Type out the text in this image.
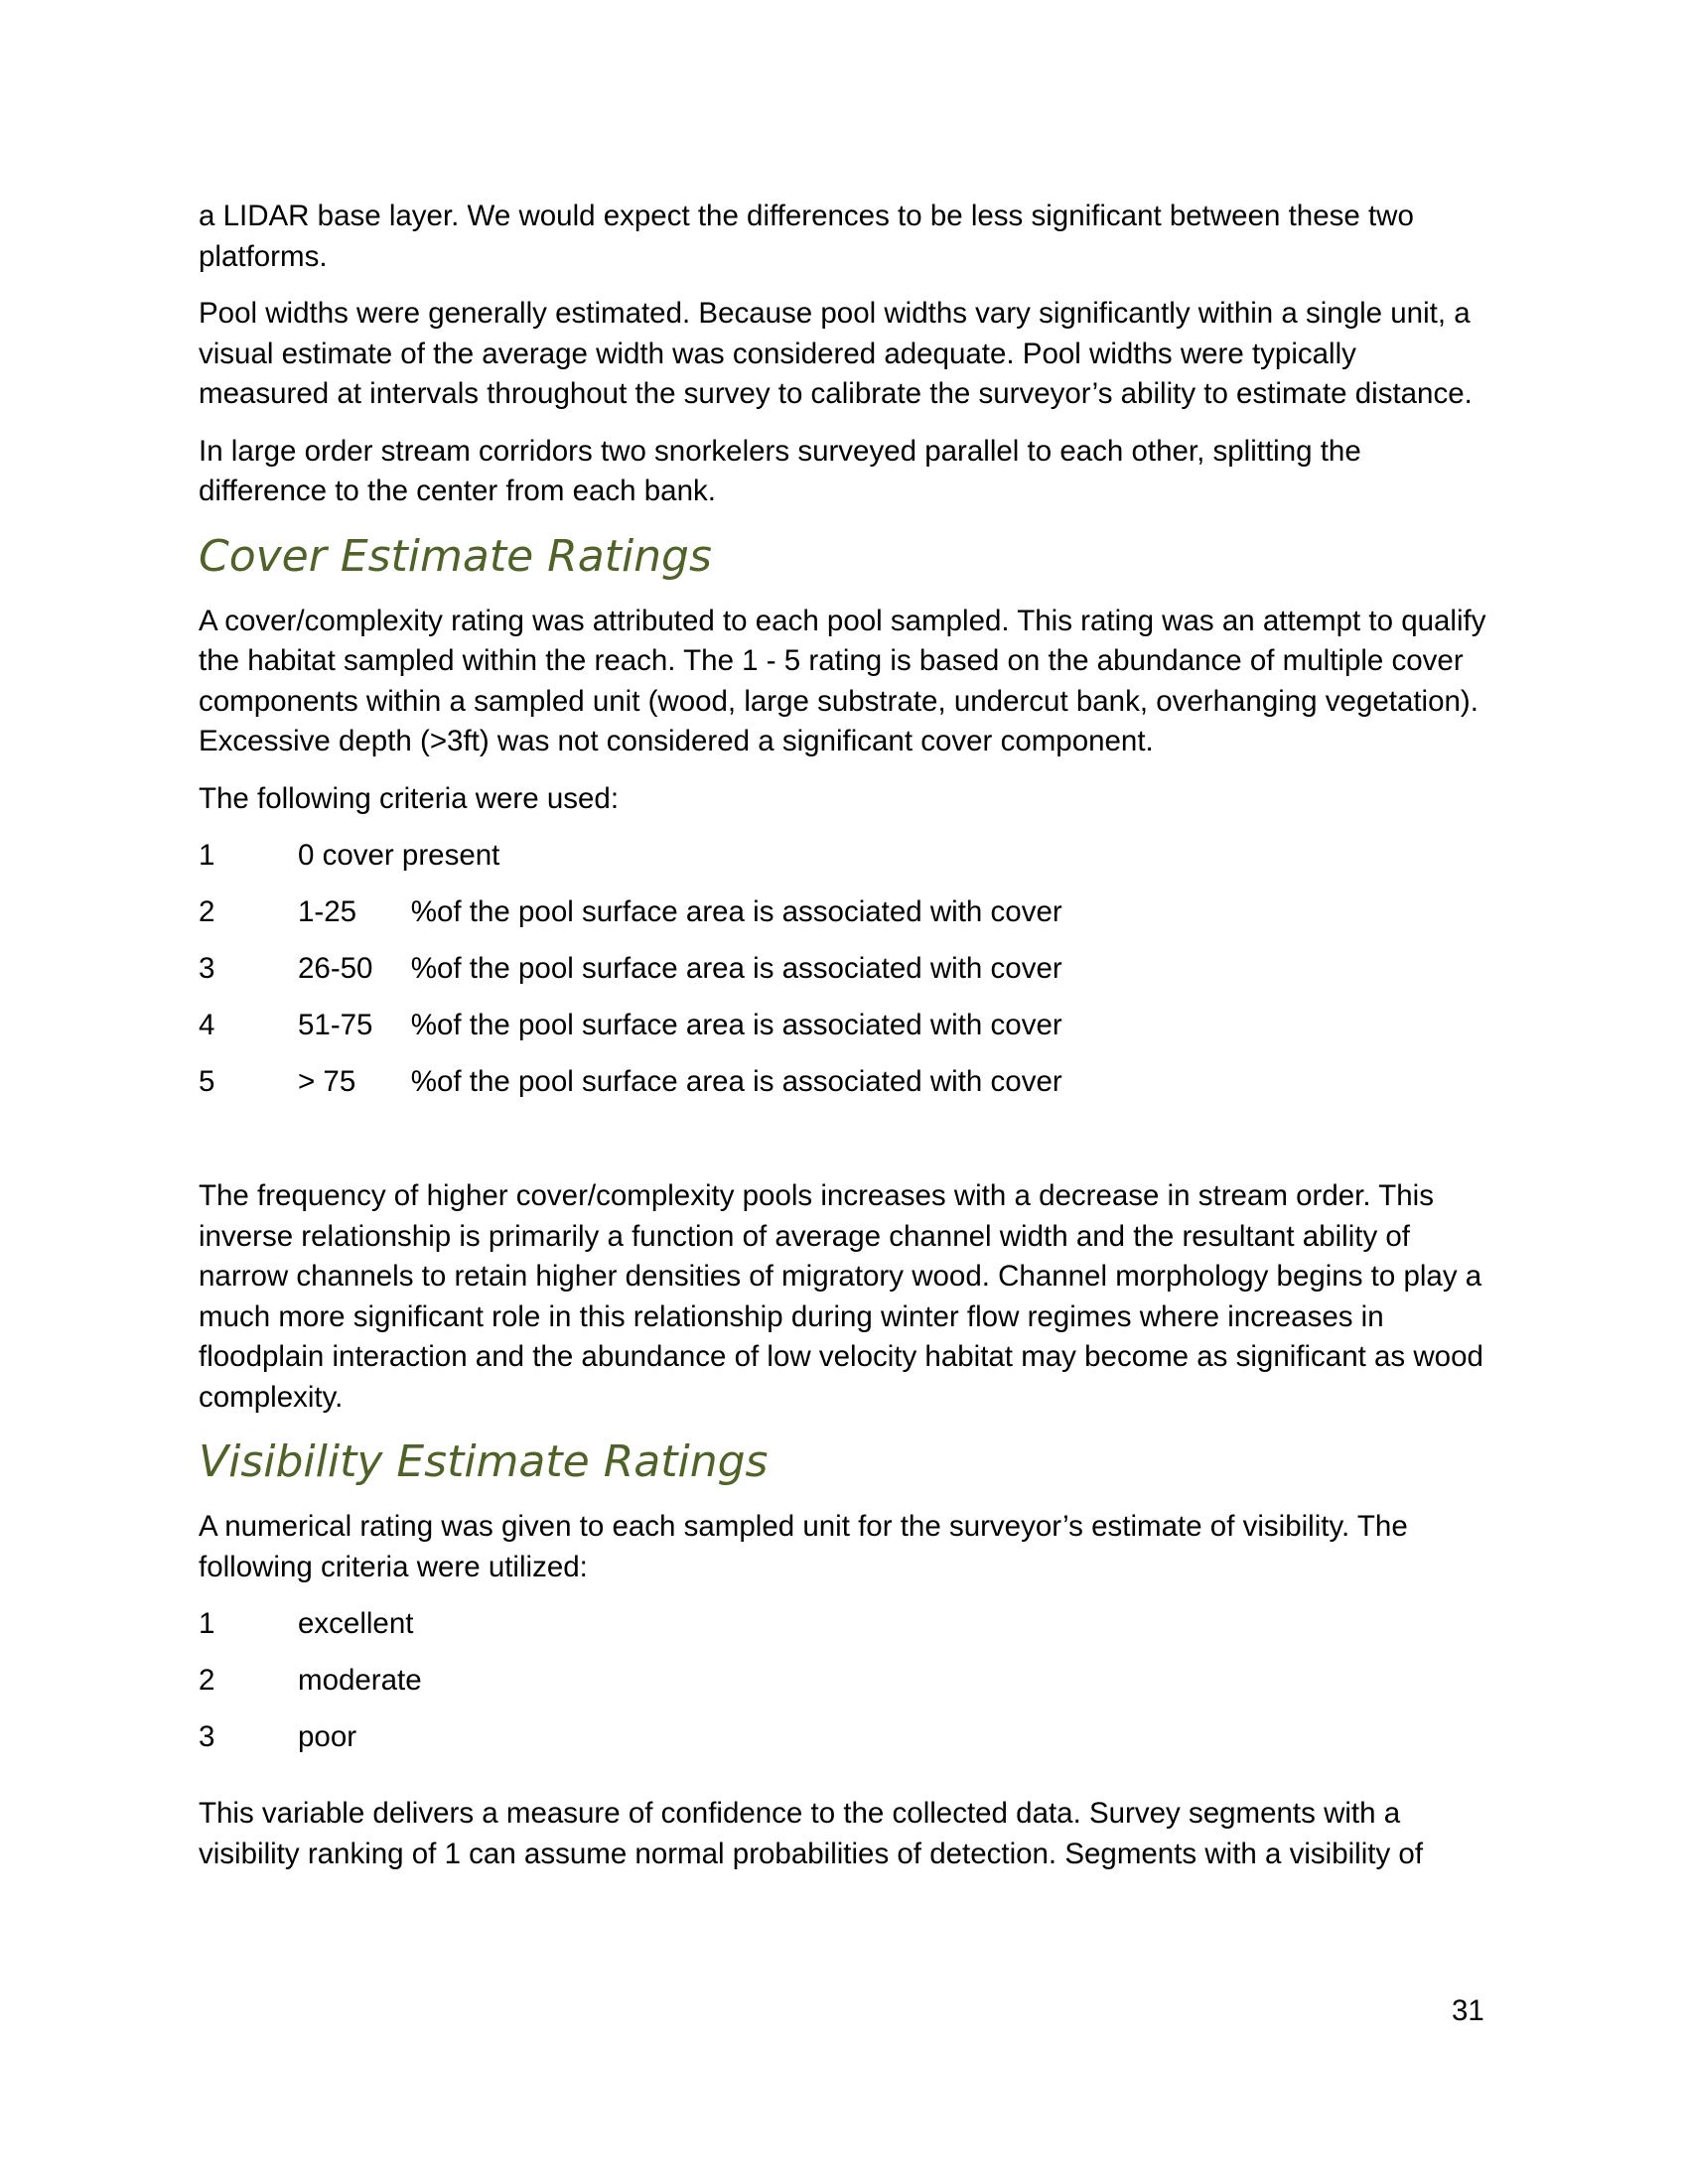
a LIDAR base layer. We would expect the differences to be less significant between these two platforms.

Pool widths were generally estimated. Because pool widths vary significantly within a single unit, a visual estimate of the average width was considered adequate. Pool widths were typically measured at intervals throughout the survey to calibrate the surveyor’s ability to estimate distance.

In large order stream corridors two snorkelers surveyed parallel to each other, splitting the difference to the center from each bank.

Cover Estimate Ratings

A cover/complexity rating was attributed to each pool sampled. This rating was an attempt to qualify the habitat sampled within the reach. The 1 - 5 rating is based on the abundance of multiple cover components within a sampled unit (wood, large substrate, undercut bank, overhanging vegetation). Excessive depth (>3ft) was not considered a significant cover component.

The following criteria were used:

1	0 cover present
2	1-25 % of the pool surface area is associated with cover
3	26-50 % of the pool surface area is associated with cover
4	51-75 % of the pool surface area is associated with cover
5	> 75 % of the pool surface area is associated with cover

The frequency of higher cover/complexity pools increases with a decrease in stream order. This inverse relationship is primarily a function of average channel width and the resultant ability of narrow channels to retain higher densities of migratory wood. Channel morphology begins to play a much more significant role in this relationship during winter flow regimes where increases in floodplain interaction and the abundance of low velocity habitat may become as significant as wood complexity.

Visibility Estimate Ratings

A numerical rating was given to each sampled unit for the surveyor’s estimate of visibility. The following criteria were utilized:

1	excellent
2	moderate
3	poor

This variable delivers a measure of confidence to the collected data. Survey segments with a visibility ranking of 1 can assume normal probabilities of detection. Segments with a visibility of

31
